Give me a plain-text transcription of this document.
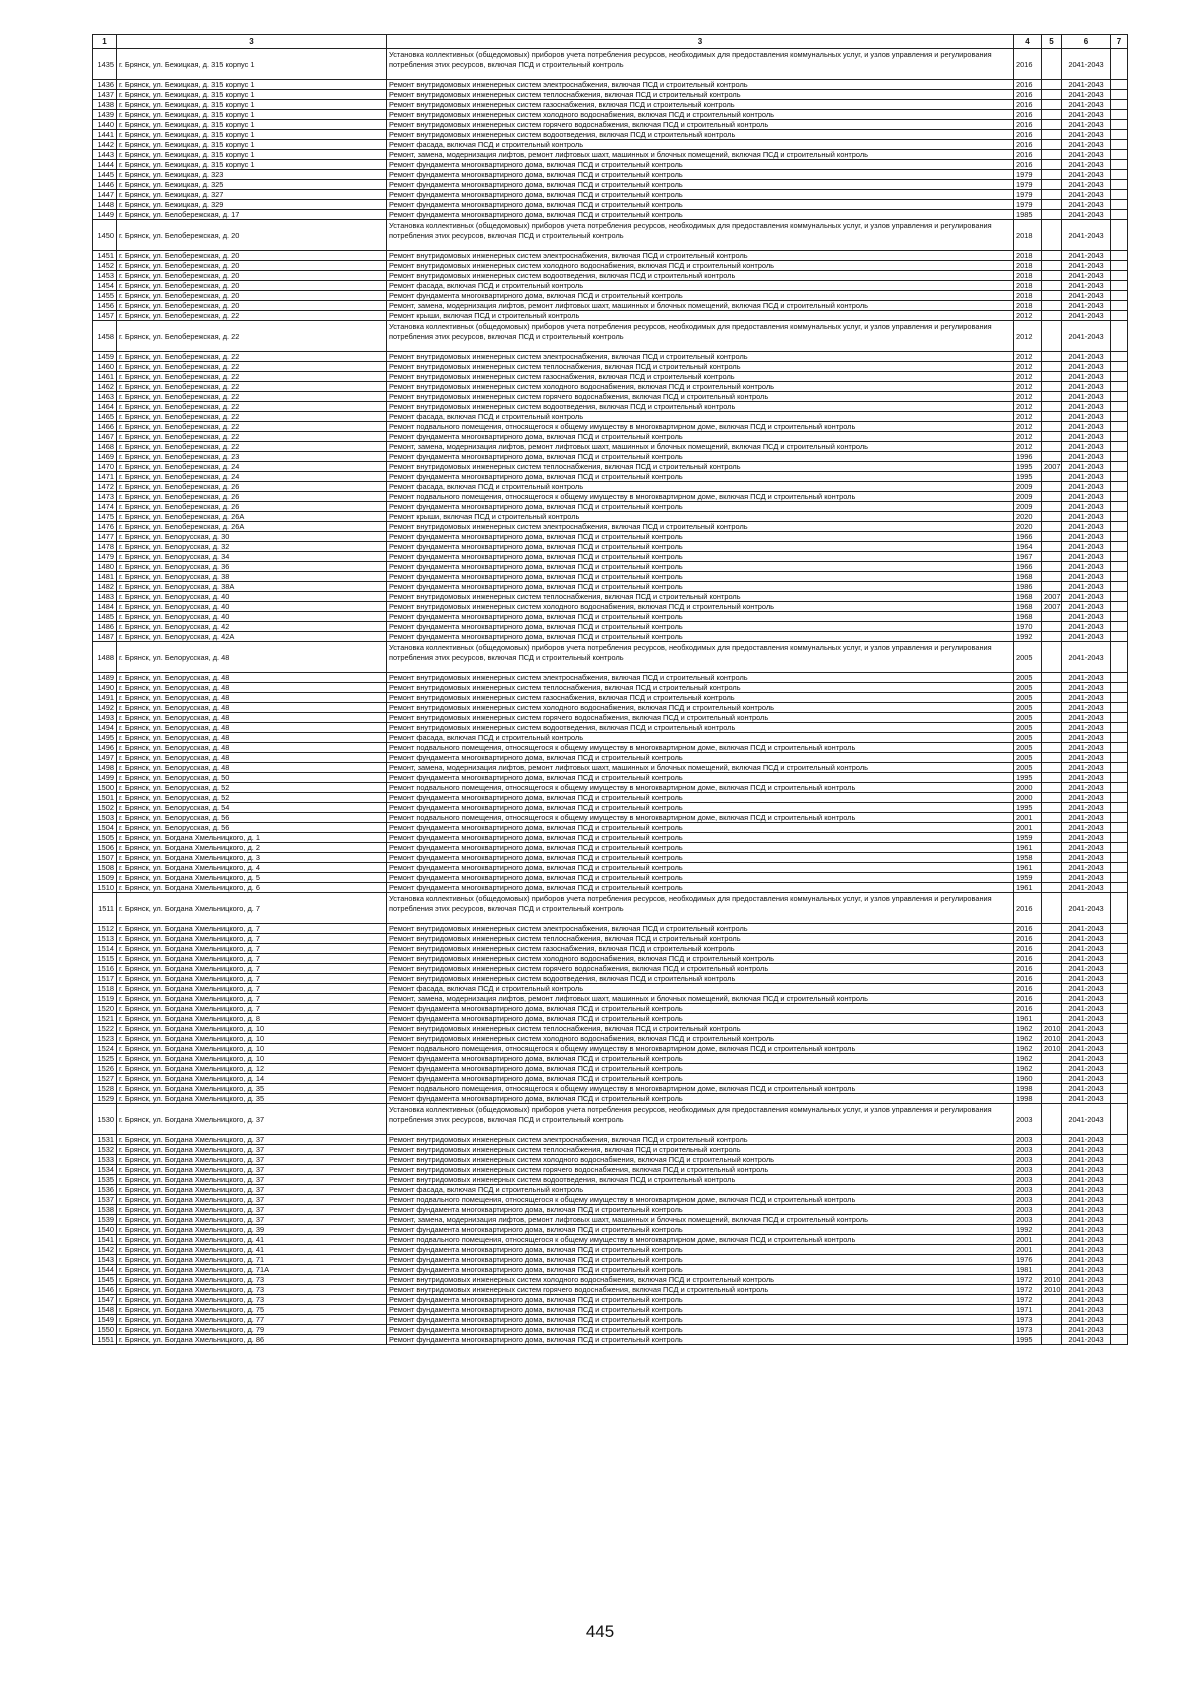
1	3	3	4	5	6	7
1435	г. Брянск, ул. Бежицкая, д. 315 корпус 1	Установка коллективных (общедомовых) приборов учета потребления ресурсов, необходимых для предоставления коммунальных услуг, и узлов управления и регулирования потребления этих ресурсов, включая ПСД и строительный контроль	2016		2041-2043	
1436	г. Брянск, ул. Бежицкая, д. 315 корпус 1	Ремонт внутридомовых инженерных систем электроснабжения, включая ПСД и строительный контроль	2016		2041-2043	
1437	г. Брянск, ул. Бежицкая, д. 315 корпус 1	Ремонт внутридомовых инженерных систем теплоснабжения, включая ПСД и строительный контроль	2016		2041-2043	
1438	г. Брянск, ул. Бежицкая, д. 315 корпус 1	Ремонт внутридомовых инженерных систем газоснабжения, включая ПСД и строительный контроль	2016		2041-2043	
1439	г. Брянск, ул. Бежицкая, д. 315 корпус 1	Ремонт внутридомовых инженерных систем холодного водоснабжения, включая ПСД и строительный контроль	2016		2041-2043	
1440	г. Брянск, ул. Бежицкая, д. 315 корпус 1	Ремонт внутридомовых инженерных систем горячего водоснабжения, включая ПСД и строительный контроль	2016		2041-2043	
1441	г. Брянск, ул. Бежицкая, д. 315 корпус 1	Ремонт внутридомовых инженерных систем водоотведения, включая ПСД и строительный контроль	2016		2041-2043	
1442	г. Брянск, ул. Бежицкая, д. 315 корпус 1	Ремонт фасада, включая ПСД и строительный контроль	2016		2041-2043	
1443	г. Брянск, ул. Бежицкая, д. 315 корпус 1	Ремонт, замена, модернизация лифтов, ремонт лифтовых шахт, машинных и блочных помещений, включая ПСД и строительный контроль	2016		2041-2043	
1444	г. Брянск, ул. Бежицкая, д. 315 корпус 1	Ремонт фундамента многоквартирного дома, включая ПСД и строительный контроль	2016		2041-2043	
1445	г. Брянск, ул. Бежицкая, д. 323	Ремонт фундамента многоквартирного дома, включая ПСД и строительный контроль	1979		2041-2043	
1446	г. Брянск, ул. Бежицкая, д. 325	Ремонт фундамента многоквартирного дома, включая ПСД и строительный контроль	1979		2041-2043	
1447	г. Брянск, ул. Бежицкая, д. 327	Ремонт фундамента многоквартирного дома, включая ПСД и строительный контроль	1979		2041-2043	
1448	г. Брянск, ул. Бежицкая, д. 329	Ремонт фундамента многоквартирного дома, включая ПСД и строительный контроль	1979		2041-2043	
1449	г. Брянск, ул. Белобережская, д. 17	Ремонт фундамента многоквартирного дома, включая ПСД и строительный контроль	1985		2041-2043	
1450	г. Брянск, ул. Белобережская, д. 20	Установка коллективных (общедомовых) приборов учета потребления ресурсов, необходимых для предоставления коммунальных услуг, и узлов управления и регулирования потребления этих ресурсов, включая ПСД и строительный контроль	2018		2041-2043	
1451	г. Брянск, ул. Белобережская, д. 20	Ремонт внутридомовых инженерных систем электроснабжения, включая ПСД и строительный контроль	2018		2041-2043	
1452	г. Брянск, ул. Белобережская, д. 20	Ремонт внутридомовых инженерных систем холодного водоснабжения, включая ПСД и строительный контроль	2018		2041-2043	
1453	г. Брянск, ул. Белобережская, д. 20	Ремонт внутридомовых инженерных систем водоотведения, включая ПСД и строительный контроль	2018		2041-2043	
1454	г. Брянск, ул. Белобережская, д. 20	Ремонт фасада, включая ПСД и строительный контроль	2018		2041-2043	
1455	г. Брянск, ул. Белобережская, д. 20	Ремонт фундамента многоквартирного дома, включая ПСД и строительный контроль	2018		2041-2043	
1456	г. Брянск, ул. Белобережская, д. 20	Ремонт, замена, модернизация лифтов, ремонт лифтовых шахт, машинных и блочных помещений, включая ПСД и строительный контроль	2018		2041-2043	
1457	г. Брянск, ул. Белобережская, д. 22	Ремонт крыши, включая ПСД и строительный контроль	2012		2041-2043	
1458	г. Брянск, ул. Белобережская, д. 22	Установка коллективных (общедомовых) приборов учета потребления ресурсов, необходимых для предоставления коммунальных услуг, и узлов управления и регулирования потребления этих ресурсов, включая ПСД и строительный контроль	2012		2041-2043	
1459	г. Брянск, ул. Белобережская, д. 22	Ремонт внутридомовых инженерных систем электроснабжения, включая ПСД и строительный контроль	2012		2041-2043	
1460	г. Брянск, ул. Белобережская, д. 22	Ремонт внутридомовых инженерных систем теплоснабжения, включая ПСД и строительный контроль	2012		2041-2043	
1461	г. Брянск, ул. Белобережская, д. 22	Ремонт внутридомовых инженерных систем газоснабжения, включая ПСД и строительный контроль	2012		2041-2043	
1462	г. Брянск, ул. Белобережская, д. 22	Ремонт внутридомовых инженерных систем холодного водоснабжения, включая ПСД и строительный контроль	2012		2041-2043	
1463	г. Брянск, ул. Белобережская, д. 22	Ремонт внутридомовых инженерных систем горячего водоснабжения, включая ПСД и строительный контроль	2012		2041-2043	
1464	г. Брянск, ул. Белобережская, д. 22	Ремонт внутридомовых инженерных систем водоотведения, включая ПСД и строительный контроль	2012		2041-2043	
1465	г. Брянск, ул. Белобережская, д. 22	Ремонт фасада, включая ПСД и строительный контроль	2012		2041-2043	
1466	г. Брянск, ул. Белобережская, д. 22	Ремонт подвального помещения, относящегося к общему имуществу в многоквартирном доме, включая ПСД и строительный контроль	2012		2041-2043	
1467	г. Брянск, ул. Белобережская, д. 22	Ремонт фундамента многоквартирного дома, включая ПСД и строительный контроль	2012		2041-2043	
1468	г. Брянск, ул. Белобережская, д. 22	Ремонт, замена, модернизация лифтов, ремонт лифтовых шахт, машинных и блочных помещений, включая ПСД и строительный контроль	2012		2041-2043	
1469	г. Брянск, ул. Белобережская, д. 23	Ремонт фундамента многоквартирного дома, включая ПСД и строительный контроль	1996		2041-2043	
1470	г. Брянск, ул. Белобережская, д. 24	Ремонт внутридомовых инженерных систем теплоснабжения, включая ПСД и строительный контроль	1995	2007	2041-2043	
1471	г. Брянск, ул. Белобережская, д. 24	Ремонт фундамента многоквартирного дома, включая ПСД и строительный контроль	1995		2041-2043	
1472	г. Брянск, ул. Белобережская, д. 26	Ремонт фасада, включая ПСД и строительный контроль	2009		2041-2043	
1473	г. Брянск, ул. Белобережская, д. 26	Ремонт подвального помещения, относящегося к общему имуществу в многоквартирном доме, включая ПСД и строительный контроль	2009		2041-2043	
1474	г. Брянск, ул. Белобережская, д. 26	Ремонт фундамента многоквартирного дома, включая ПСД и строительный контроль	2009		2041-2043	
1475	г. Брянск, ул. Белобережская, д. 26А	Ремонт крыши, включая ПСД и строительный контроль	2020		2041-2043	
1476	г. Брянск, ул. Белобережская, д. 26А	Ремонт внутридомовых инженерных систем электроснабжения, включая ПСД и строительный контроль	2020		2041-2043	
1477	г. Брянск, ул. Белорусская, д. 30	Ремонт фундамента многоквартирного дома, включая ПСД и строительный контроль	1966		2041-2043	
1478	г. Брянск, ул. Белорусская, д. 32	Ремонт фундамента многоквартирного дома, включая ПСД и строительный контроль	1964		2041-2043	
1479	г. Брянск, ул. Белорусская, д. 34	Ремонт фундамента многоквартирного дома, включая ПСД и строительный контроль	1967		2041-2043	
1480	г. Брянск, ул. Белорусская, д. 36	Ремонт фундамента многоквартирного дома, включая ПСД и строительный контроль	1966		2041-2043	
1481	г. Брянск, ул. Белорусская, д. 38	Ремонт фундамента многоквартирного дома, включая ПСД и строительный контроль	1968		2041-2043	
1482	г. Брянск, ул. Белорусская, д. 38А	Ремонт фундамента многоквартирного дома, включая ПСД и строительный контроль	1986		2041-2043	
1483	г. Брянск, ул. Белорусская, д. 40	Ремонт внутридомовых инженерных систем теплоснабжения, включая ПСД и строительный контроль	1968	2007	2041-2043	
1484	г. Брянск, ул. Белорусская, д. 40	Ремонт внутридомовых инженерных систем холодного водоснабжения, включая ПСД и строительный контроль	1968	2007	2041-2043	
1485	г. Брянск, ул. Белорусская, д. 40	Ремонт фундамента многоквартирного дома, включая ПСД и строительный контроль	1968		2041-2043	
1486	г. Брянск, ул. Белорусская, д. 42	Ремонт фундамента многоквартирного дома, включая ПСД и строительный контроль	1970		2041-2043	
1487	г. Брянск, ул. Белорусская, д. 42А	Ремонт фундамента многоквартирного дома, включая ПСД и строительный контроль	1992		2041-2043	
1488	г. Брянск, ул. Белорусская, д. 48	Установка коллективных (общедомовых) приборов учета потребления ресурсов, необходимых для предоставления коммунальных услуг, и узлов управления и регулирования потребления этих ресурсов, включая ПСД и строительный контроль	2005		2041-2043	
1489	г. Брянск, ул. Белорусская, д. 48	Ремонт внутридомовых инженерных систем электроснабжения, включая ПСД и строительный контроль	2005		2041-2043	
1490	г. Брянск, ул. Белорусская, д. 48	Ремонт внутридомовых инженерных систем теплоснабжения, включая ПСД и строительный контроль	2005		2041-2043	
1491	г. Брянск, ул. Белорусская, д. 48	Ремонт внутридомовых инженерных систем газоснабжения, включая ПСД и строительный контроль	2005		2041-2043	
1492	г. Брянск, ул. Белорусская, д. 48	Ремонт внутридомовых инженерных систем холодного водоснабжения, включая ПСД и строительный контроль	2005		2041-2043	
1493	г. Брянск, ул. Белорусская, д. 48	Ремонт внутридомовых инженерных систем горячего водоснабжения, включая ПСД и строительный контроль	2005		2041-2043	
1494	г. Брянск, ул. Белорусская, д. 48	Ремонт внутридомовых инженерных систем водоотведения, включая ПСД и строительный контроль	2005		2041-2043	
1495	г. Брянск, ул. Белорусская, д. 48	Ремонт фасада, включая ПСД и строительный контроль	2005		2041-2043	
1496	г. Брянск, ул. Белорусская, д. 48	Ремонт подвального помещения, относящегося к общему имуществу в многоквартирном доме, включая ПСД и строительный контроль	2005		2041-2043	
1497	г. Брянск, ул. Белорусская, д. 48	Ремонт фундамента многоквартирного дома, включая ПСД и строительный контроль	2005		2041-2043	
1498	г. Брянск, ул. Белорусская, д. 48	Ремонт, замена, модернизация лифтов, ремонт лифтовых шахт, машинных и блочных помещений, включая ПСД и строительный контроль	2005		2041-2043	
1499	г. Брянск, ул. Белорусская, д. 50	Ремонт фундамента многоквартирного дома, включая ПСД и строительный контроль	1995		2041-2043	
1500	г. Брянск, ул. Белорусская, д. 52	Ремонт подвального помещения, относящегося к общему имуществу в многоквартирном доме, включая ПСД и строительный контроль	2000		2041-2043	
1501	г. Брянск, ул. Белорусская, д. 52	Ремонт фундамента многоквартирного дома, включая ПСД и строительный контроль	2000		2041-2043	
1502	г. Брянск, ул. Белорусская, д. 54	Ремонт фундамента многоквартирного дома, включая ПСД и строительный контроль	1995		2041-2043	
1503	г. Брянск, ул. Белорусская, д. 56	Ремонт подвального помещения, относящегося к общему имуществу в многоквартирном доме, включая ПСД и строительный контроль	2001		2041-2043	
1504	г. Брянск, ул. Белорусская, д. 56	Ремонт фундамента многоквартирного дома, включая ПСД и строительный контроль	2001		2041-2043	
1505	г. Брянск, ул. Богдана Хмельницкого, д. 1	Ремонт фундамента многоквартирного дома, включая ПСД и строительный контроль	1959		2041-2043	
1506	г. Брянск, ул. Богдана Хмельницкого, д. 2	Ремонт фундамента многоквартирного дома, включая ПСД и строительный контроль	1961		2041-2043	
1507	г. Брянск, ул. Богдана Хмельницкого, д. 3	Ремонт фундамента многоквартирного дома, включая ПСД и строительный контроль	1958		2041-2043	
1508	г. Брянск, ул. Богдана Хмельницкого, д. 4	Ремонт фундамента многоквартирного дома, включая ПСД и строительный контроль	1961		2041-2043	
1509	г. Брянск, ул. Богдана Хмельницкого, д. 5	Ремонт фундамента многоквартирного дома, включая ПСД и строительный контроль	1959		2041-2043	
1510	г. Брянск, ул. Богдана Хмельницкого, д. 6	Ремонт фундамента многоквартирного дома, включая ПСД и строительный контроль	1961		2041-2043	
1511	г. Брянск, ул. Богдана Хмельницкого, д. 7	Установка коллективных (общедомовых) приборов учета потребления ресурсов, необходимых для предоставления коммунальных услуг, и узлов управления и регулирования потребления этих ресурсов, включая ПСД и строительный контроль	2016		2041-2043	
1512	г. Брянск, ул. Богдана Хмельницкого, д. 7	Ремонт внутридомовых инженерных систем электроснабжения, включая ПСД и строительный контроль	2016		2041-2043	
1513	г. Брянск, ул. Богдана Хмельницкого, д. 7	Ремонт внутридомовых инженерных систем теплоснабжения, включая ПСД и строительный контроль	2016		2041-2043	
1514	г. Брянск, ул. Богдана Хмельницкого, д. 7	Ремонт внутридомовых инженерных систем газоснабжения, включая ПСД и строительный контроль	2016		2041-2043	
1515	г. Брянск, ул. Богдана Хмельницкого, д. 7	Ремонт внутридомовых инженерных систем холодного водоснабжения, включая ПСД и строительный контроль	2016		2041-2043	
1516	г. Брянск, ул. Богдана Хмельницкого, д. 7	Ремонт внутридомовых инженерных систем горячего водоснабжения, включая ПСД и строительный контроль	2016		2041-2043	
1517	г. Брянск, ул. Богдана Хмельницкого, д. 7	Ремонт внутридомовых инженерных систем водоотведения, включая ПСД и строительный контроль	2016		2041-2043	
1518	г. Брянск, ул. Богдана Хмельницкого, д. 7	Ремонт фасада, включая ПСД и строительный контроль	2016		2041-2043	
1519	г. Брянск, ул. Богдана Хмельницкого, д. 7	Ремонт, замена, модернизация лифтов, ремонт лифтовых шахт, машинных и блочных помещений, включая ПСД и строительный контроль	2016		2041-2043	
1520	г. Брянск, ул. Богдана Хмельницкого, д. 7	Ремонт фундамента многоквартирного дома, включая ПСД и строительный контроль	2016		2041-2043	
1521	г. Брянск, ул. Богдана Хмельницкого, д. 8	Ремонт фундамента многоквартирного дома, включая ПСД и строительный контроль	1961		2041-2043	
1522	г. Брянск, ул. Богдана Хмельницкого, д. 10	Ремонт внутридомовых инженерных систем теплоснабжения, включая ПСД и строительный контроль	1962	2010	2041-2043	
1523	г. Брянск, ул. Богдана Хмельницкого, д. 10	Ремонт внутридомовых инженерных систем холодного водоснабжения, включая ПСД и строительный контроль	1962	2010	2041-2043	
1524	г. Брянск, ул. Богдана Хмельницкого, д. 10	Ремонт подвального помещения, относящегося к общему имуществу в многоквартирном доме, включая ПСД и строительный контроль	1962	2010	2041-2043	
1525	г. Брянск, ул. Богдана Хмельницкого, д. 10	Ремонт фундамента многоквартирного дома, включая ПСД и строительный контроль	1962		2041-2043	
1526	г. Брянск, ул. Богдана Хмельницкого, д. 12	Ремонт фундамента многоквартирного дома, включая ПСД и строительный контроль	1962		2041-2043	
1527	г. Брянск, ул. Богдана Хмельницкого, д. 14	Ремонт фундамента многоквартирного дома, включая ПСД и строительный контроль	1960		2041-2043	
1528	г. Брянск, ул. Богдана Хмельницкого, д. 35	Ремонт подвального помещения, относящегося к общему имуществу в многоквартирном доме, включая ПСД и строительный контроль	1998		2041-2043	
1529	г. Брянск, ул. Богдана Хмельницкого, д. 35	Ремонт фундамента многоквартирного дома, включая ПСД и строительный контроль	1998		2041-2043	
1530	г. Брянск, ул. Богдана Хмельницкого, д. 37	Установка коллективных (общедомовых) приборов учета потребления ресурсов, необходимых для предоставления коммунальных услуг, и узлов управления и регулирования потребления этих ресурсов, включая ПСД и строительный контроль	2003		2041-2043	
1531	г. Брянск, ул. Богдана Хмельницкого, д. 37	Ремонт внутридомовых инженерных систем электроснабжения, включая ПСД и строительный контроль	2003		2041-2043	
1532	г. Брянск, ул. Богдана Хмельницкого, д. 37	Ремонт внутридомовых инженерных систем теплоснабжения, включая ПСД и строительный контроль	2003		2041-2043	
1533	г. Брянск, ул. Богдана Хмельницкого, д. 37	Ремонт внутридомовых инженерных систем холодного водоснабжения, включая ПСД и строительный контроль	2003		2041-2043	
1534	г. Брянск, ул. Богдана Хмельницкого, д. 37	Ремонт внутридомовых инженерных систем горячего водоснабжения, включая ПСД и строительный контроль	2003		2041-2043	
1535	г. Брянск, ул. Богдана Хмельницкого, д. 37	Ремонт внутридомовых инженерных систем водоотведения, включая ПСД и строительный контроль	2003		2041-2043	
1536	г. Брянск, ул. Богдана Хмельницкого, д. 37	Ремонт фасада, включая ПСД и строительный контроль	2003		2041-2043	
1537	г. Брянск, ул. Богдана Хмельницкого, д. 37	Ремонт подвального помещения, относящегося к общему имуществу в многоквартирном доме, включая ПСД и строительный контроль	2003		2041-2043	
1538	г. Брянск, ул. Богдана Хмельницкого, д. 37	Ремонт фундамента многоквартирного дома, включая ПСД и строительный контроль	2003		2041-2043	
1539	г. Брянск, ул. Богдана Хмельницкого, д. 37	Ремонт, замена, модернизация лифтов, ремонт лифтовых шахт, машинных и блочных помещений, включая ПСД и строительный контроль	2003		2041-2043	
1540	г. Брянск, ул. Богдана Хмельницкого, д. 39	Ремонт фундамента многоквартирного дома, включая ПСД и строительный контроль	1992		2041-2043	
1541	г. Брянск, ул. Богдана Хмельницкого, д. 41	Ремонт подвального помещения, относящегося к общему имуществу в многоквартирном доме, включая ПСД и строительный контроль	2001		2041-2043	
1542	г. Брянск, ул. Богдана Хмельницкого, д. 41	Ремонт фундамента многоквартирного дома, включая ПСД и строительный контроль	2001		2041-2043	
1543	г. Брянск, ул. Богдана Хмельницкого, д. 71	Ремонт фундамента многоквартирного дома, включая ПСД и строительный контроль	1976		2041-2043	
1544	г. Брянск, ул. Богдана Хмельницкого, д. 71А	Ремонт фундамента многоквартирного дома, включая ПСД и строительный контроль	1981		2041-2043	
1545	г. Брянск, ул. Богдана Хмельницкого, д. 73	Ремонт внутридомовых инженерных систем холодного водоснабжения, включая ПСД и строительный контроль	1972	2010	2041-2043	
1546	г. Брянск, ул. Богдана Хмельницкого, д. 73	Ремонт внутридомовых инженерных систем горячего водоснабжения, включая ПСД и строительный контроль	1972	2010	2041-2043	
1547	г. Брянск, ул. Богдана Хмельницкого, д. 73	Ремонт фундамента многоквартирного дома, включая ПСД и строительный контроль	1972		2041-2043	
1548	г. Брянск, ул. Богдана Хмельницкого, д. 75	Ремонт фундамента многоквартирного дома, включая ПСД и строительный контроль	1971		2041-2043	
1549	г. Брянск, ул. Богдана Хмельницкого, д. 77	Ремонт фундамента многоквартирного дома, включая ПСД и строительный контроль	1973		2041-2043	
1550	г. Брянск, ул. Богдана Хмельницкого, д. 79	Ремонт фундамента многоквартирного дома, включая ПСД и строительный контроль	1973		2041-2043	
1551	г. Брянск, ул. Богдана Хмельницкого, д. 86	Ремонт фундамента многоквартирного дома, включая ПСД и строительный контроль	1995		2041-2043	
445
